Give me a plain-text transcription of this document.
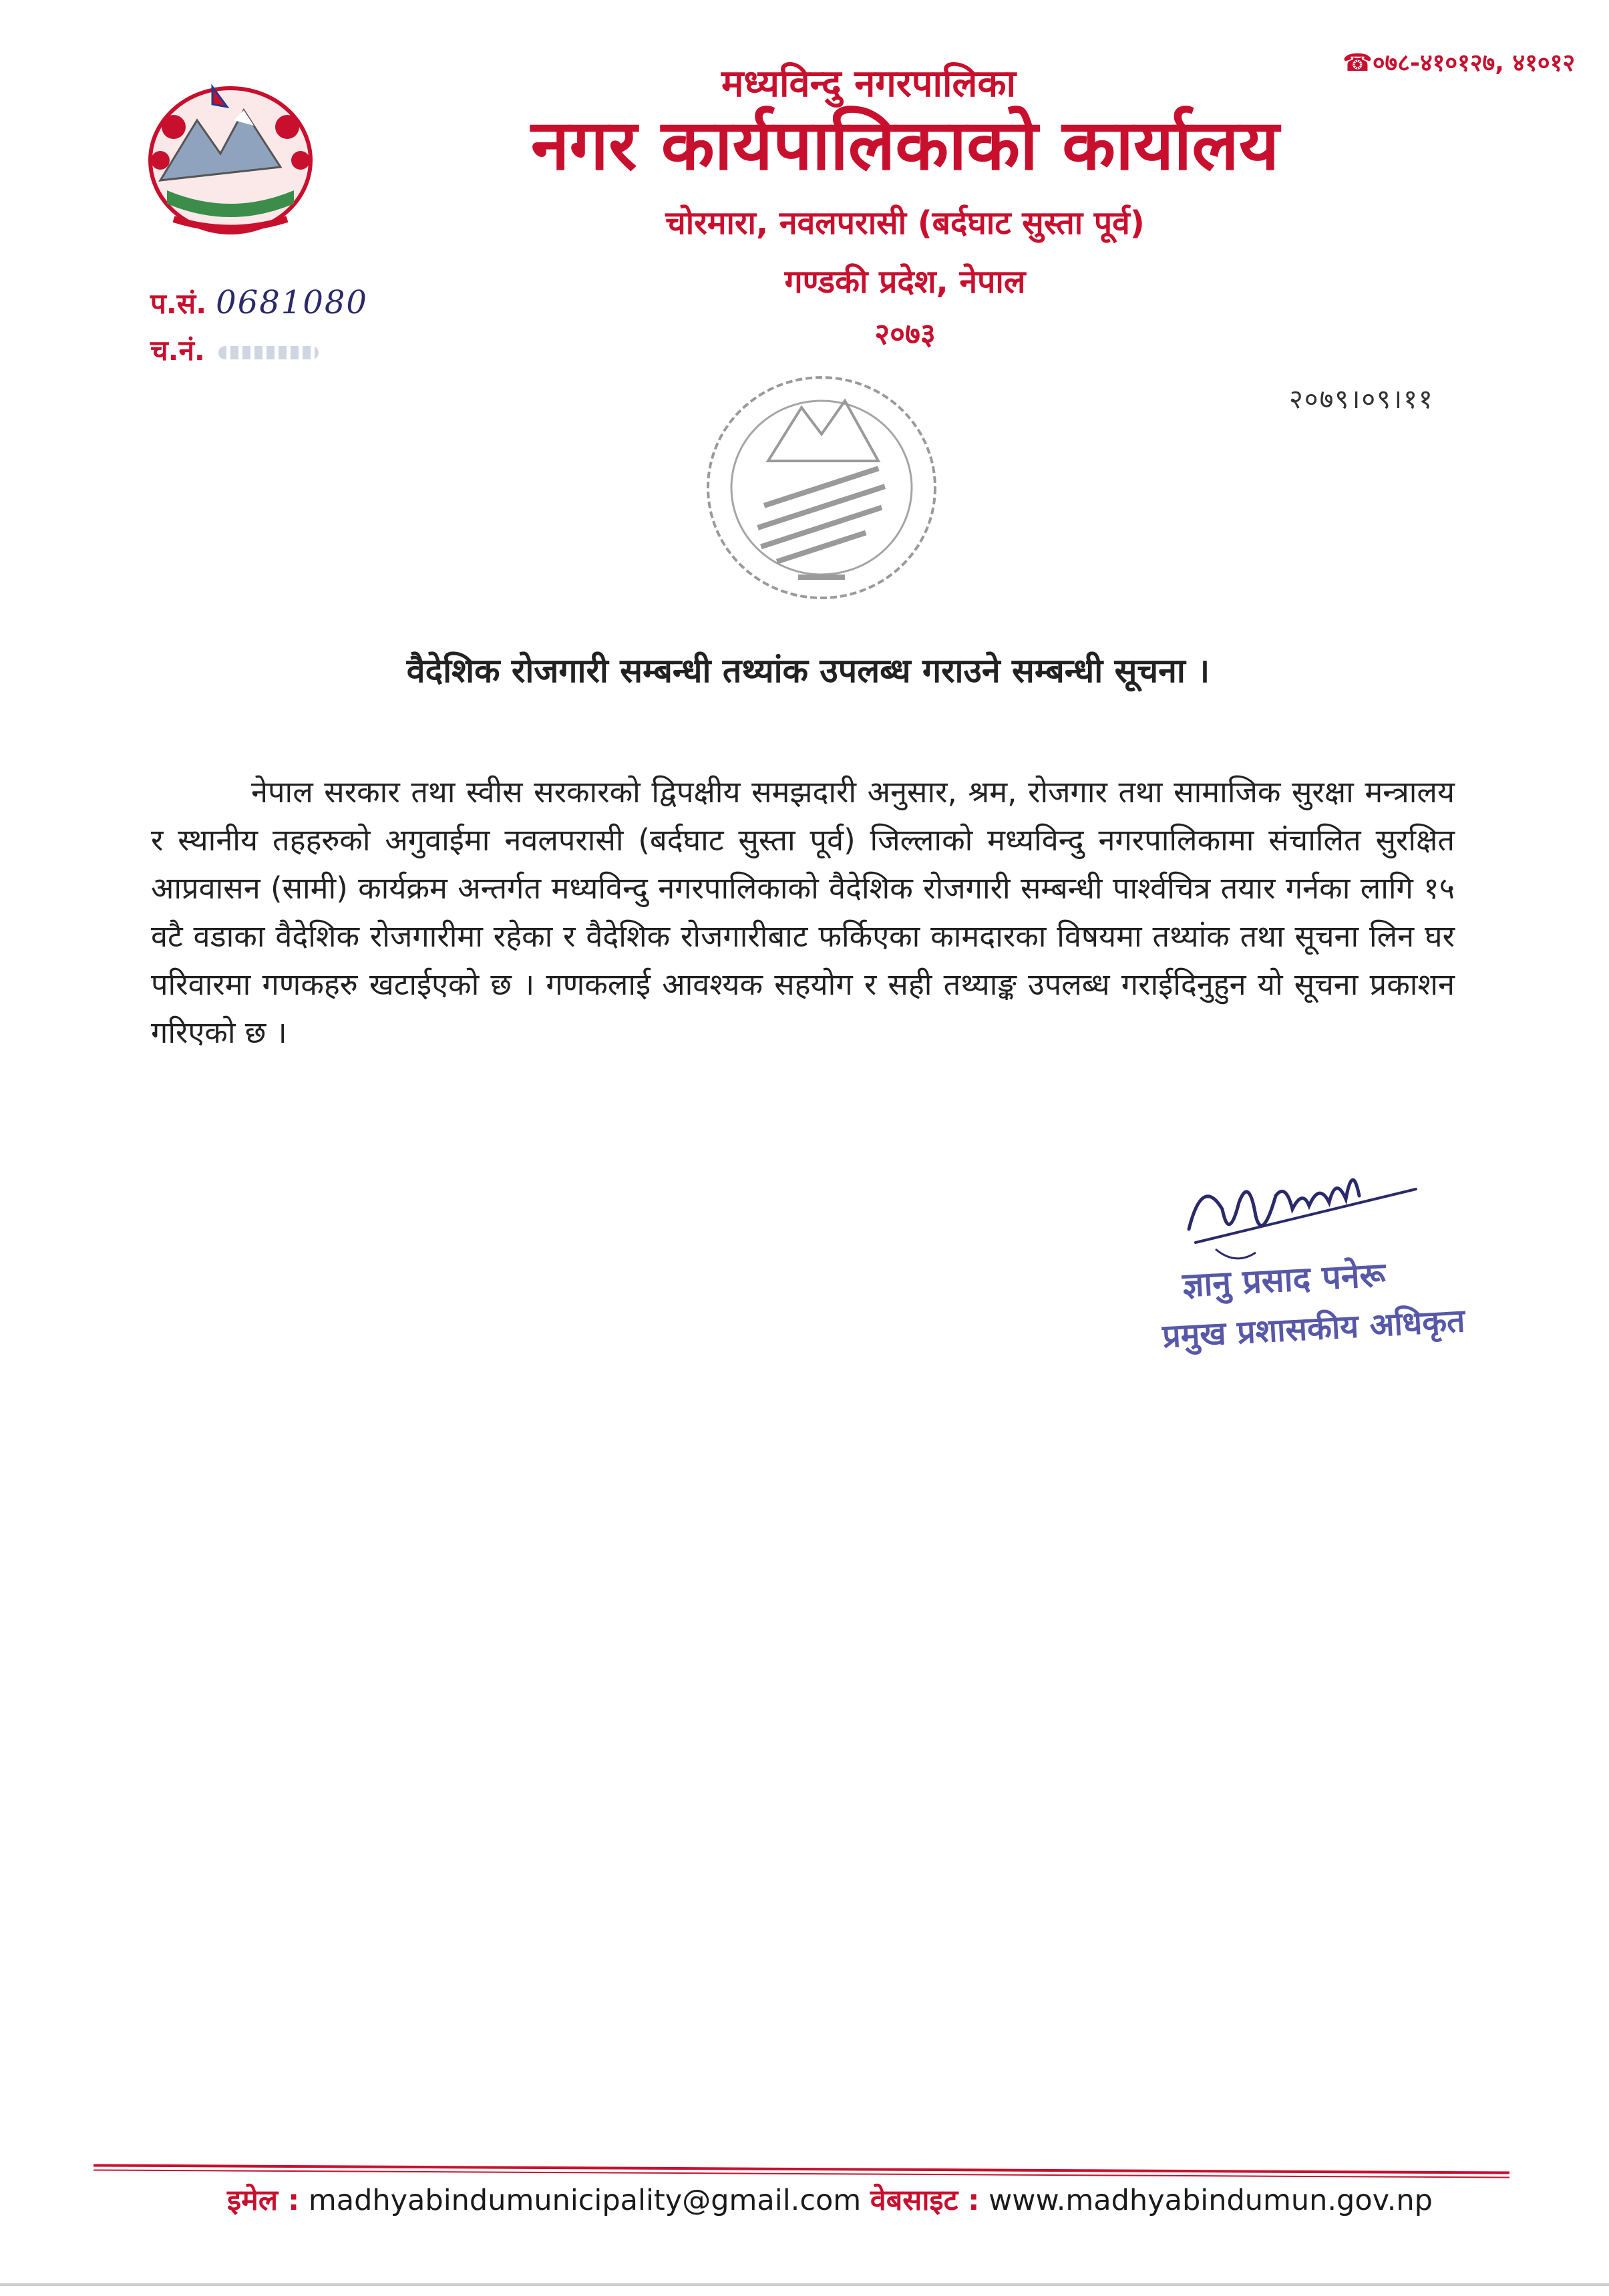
☎०७८-४१०१२७, ४१०१२
मध्यविन्दु नगरपालिका
नगर कार्यपालिकाको कार्यालय
चोरमारा, नवलपरासी (बर्दघाट सुस्ता पूर्व)
गण्डकी प्रदेश, नेपाल
२०७३
प.सं. 0681080
च.नं.
२०७९।०९।११
वैदेशिक रोजगारी सम्बन्धी तथ्यांक उपलब्ध गराउने सम्बन्धी सूचना ।
नेपाल सरकार तथा स्वीस सरकारको द्विपक्षीय समझदारी अनुसार, श्रम, रोजगार तथा सामाजिक सुरक्षा मन्त्रालय र स्थानीय तहहरुको अगुवाईमा नवलपरासी (बर्दघाट सुस्ता पूर्व) जिल्लाको मध्यविन्दु नगरपालिकामा संचालित सुरक्षित आप्रवासन (सामी) कार्यक्रम अन्तर्गत मध्यविन्दु नगरपालिकाको वैदेशिक रोजगारी सम्बन्धी पार्श्वचित्र तयार गर्नका लागि १५ वटै वडाका वैदेशिक रोजगारीमा रहेका र वैदेशिक रोजगारीबाट फर्किएका कामदारका विषयमा तथ्यांक तथा सूचना लिन घर परिवारमा गणकहरु खटाईएको छ । गणकलाई आवश्यक सहयोग र सही तथ्याङ्क उपलब्ध गराईदिनुहुन यो सूचना प्रकाशन गरिएको छ ।
ज्ञानु प्रसाद पनेरू
प्रमुख प्रशासकीय अधिकृत
इमेल : madhyabindumunicipality@gmail.com वेबसाइट : www.madhyabindumun.gov.np
